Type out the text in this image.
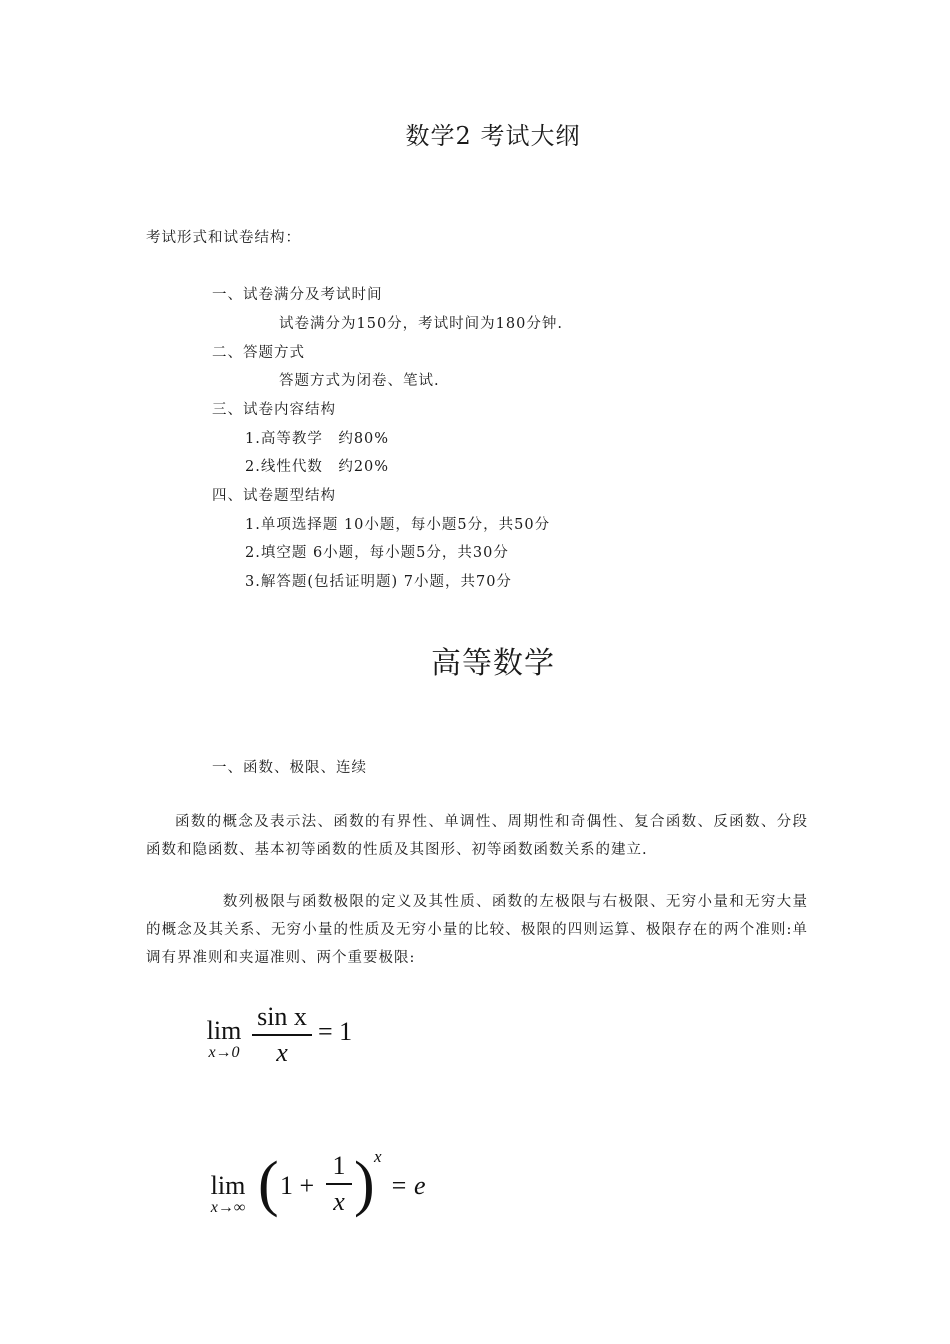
数学2 考试大纲
考试形式和试卷结构：
一、试卷满分及考试时间
试卷满分为150分，考试时间为180分钟.
二、答题方式
答题方式为闭卷、笔试.
三、试卷内容结构
1.高等教学　约80%
2.线性代数　约20%
四、试卷题型结构
1.单项选择题 10小题，每小题5分，共50分
2.填空题 6小题，每小题5分，共30分
3.解答题(包括证明题) 7小题，共70分
高等数学
一、函数、极限、连续
函数的概念及表示法、函数的有界性、单调性、周期性和奇偶性、复合函数、反函数、分段函数和隐函数、基本初等函数的性质及其图形、初等函数函数关系的建立.
数列极限与函数极限的定义及其性质、函数的左极限与右极限、无穷小量和无穷大量的概念及其关系、无穷小量的性质及无穷小量的比较、极限的四则运算、极限存在的两个准则:单调有界准则和夹逼准则、两个重要极限:
lim
x→0
sin x
x
= 1
lim
x→∞ ( 1 +
1
x ) x
= e
